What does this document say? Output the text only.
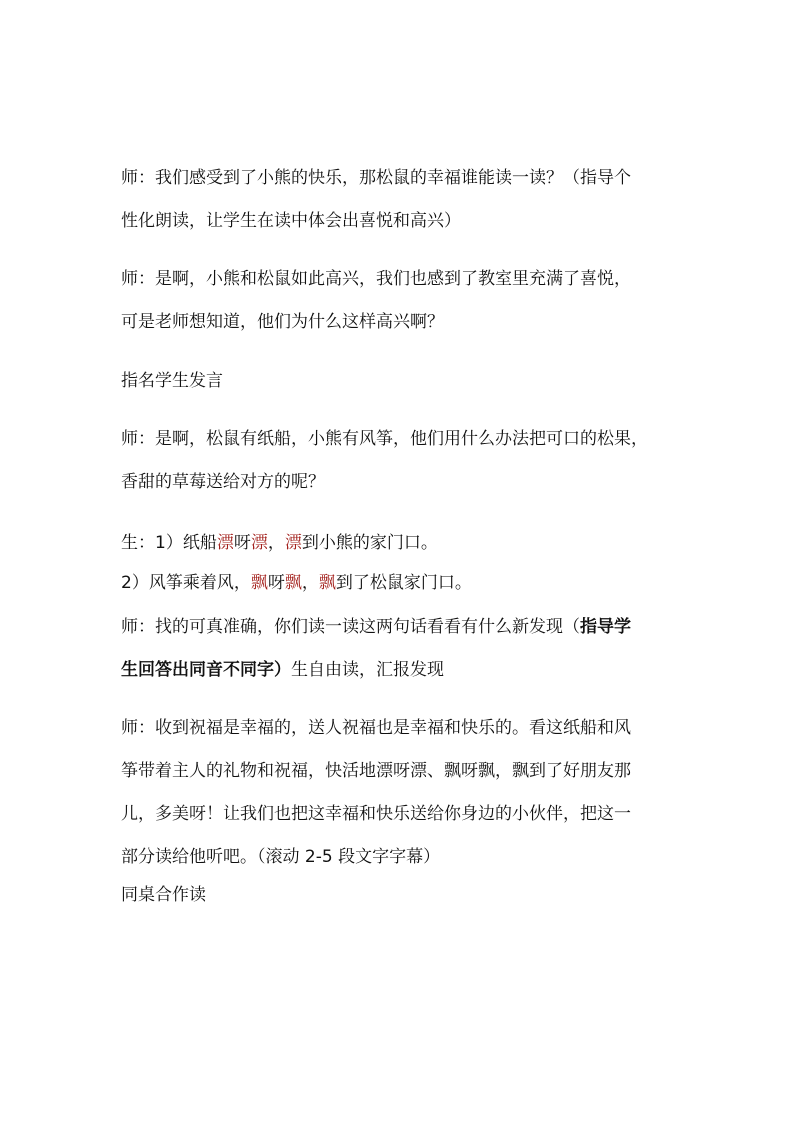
师：我们感受到了小熊的快乐，那松鼠的幸福谁能读一读？（指导个
性化朗读，让学生在读中体会出喜悦和高兴）
师：是啊，小熊和松鼠如此高兴，我们也感到了教室里充满了喜悦，
可是老师想知道，他们为什么这样高兴啊？
指名学生发言
师：是啊，松鼠有纸船，小熊有风筝，他们用什么办法把可口的松果，
香甜的草莓送给对方的呢？
生：1）纸船漂呀漂，漂到小熊的家门口。
2）风筝乘着风，飘呀飘，飘到了松鼠家门口。
师：找的可真准确，你们读一读这两句话看看有什么新发现（指导学
生回答出同音不同字）生自由读，汇报发现
师：收到祝福是幸福的，送人祝福也是幸福和快乐的。看这纸船和风
筝带着主人的礼物和祝福，快活地漂呀漂、飘呀飘，飘到了好朋友那
儿，多美呀！让我们也把这幸福和快乐送给你身边的小伙伴，把这一
部分读给他听吧。（滚动 2-5 段文字字幕）
同桌合作读
